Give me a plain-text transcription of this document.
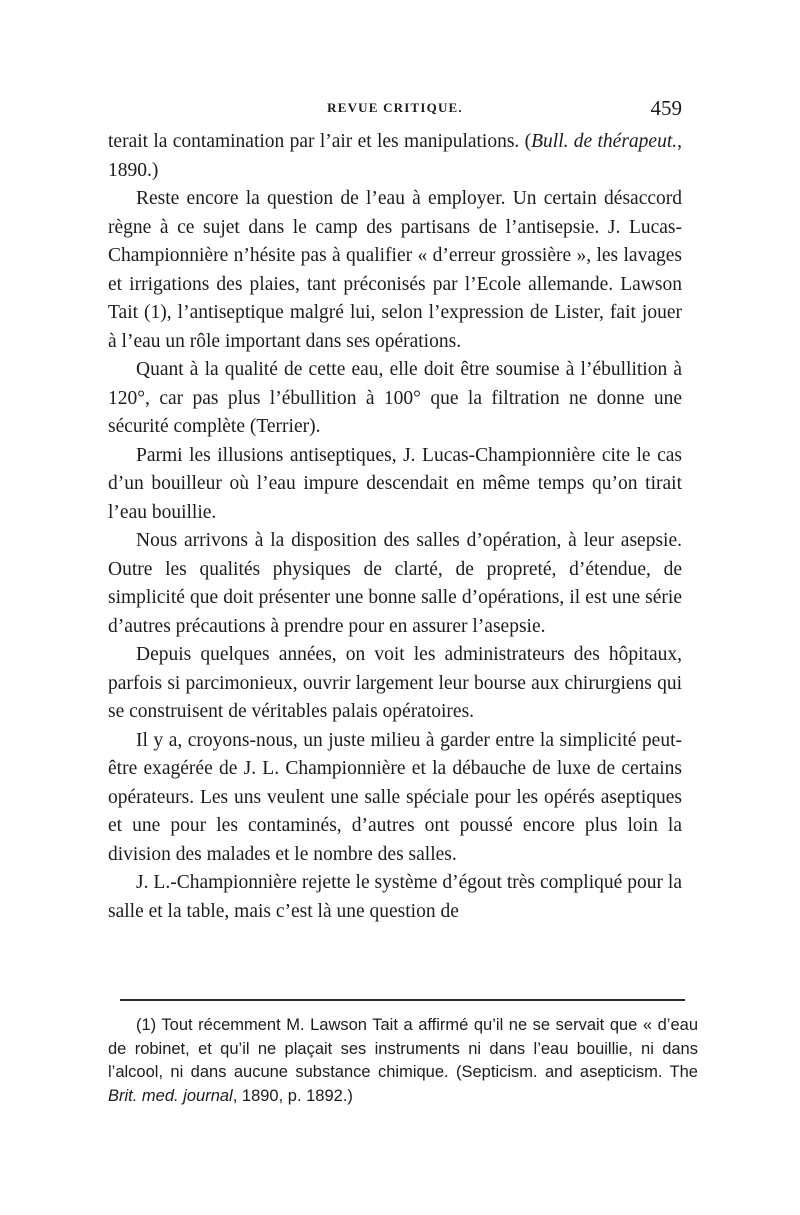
REVUE CRITIQUE.	459

terait la contamination par l’air et les manipulations. (Bull. de thérapeut., 1890.)

Reste encore la question de l’eau à employer. Un certain désaccord règne à ce sujet dans le camp des partisans de l’antisepsie. J. Lucas-Championnière n’hésite pas à qualifier « d’erreur grossière », les lavages et irrigations des plaies, tant préconisés par l’Ecole allemande. Lawson Tait (1), l’antiseptique malgré lui, selon l’expression de Lister, fait jouer à l’eau un rôle important dans ses opérations.

Quant à la qualité de cette eau, elle doit être soumise à l’ébullition à 120°, car pas plus l’ébullition à 100° que la filtration ne donne une sécurité complète (Terrier).

Parmi les illusions antiseptiques, J. Lucas-Championnière cite le cas d’un bouilleur où l’eau impure descendait en même temps qu’on tirait l’eau bouillie.

Nous arrivons à la disposition des salles d’opération, à leur asepsie. Outre les qualités physiques de clarté, de propreté, d’étendue, de simplicité que doit présenter une bonne salle d’opérations, il est une série d’autres précautions à prendre pour en assurer l’asepsie.

Depuis quelques années, on voit les administrateurs des hôpitaux, parfois si parcimonieux, ouvrir largement leur bourse aux chirurgiens qui se construisent de véritables palais opératoires.

Il y a, croyons-nous, un juste milieu à garder entre la simplicité peut-être exagérée de J. L. Championnière et la débauche de luxe de certains opérateurs. Les uns veulent une salle spéciale pour les opérés aseptiques et une pour les contaminés, d’autres ont poussé encore plus loin la division des malades et le nombre des salles.

J. L.-Championnière rejette le système d’égout très compliqué pour la salle et la table, mais c’est là une question de

(1) Tout récemment M. Lawson Tait a affirmé qu’il ne se servait que « d’eau de robinet, et qu’il ne plaçait ses instruments ni dans l’eau bouillie, ni dans l’alcool, ni dans aucune substance chimique. (Septicism. and asepticism. The Brit. med. journal, 1890, p. 1892.)
